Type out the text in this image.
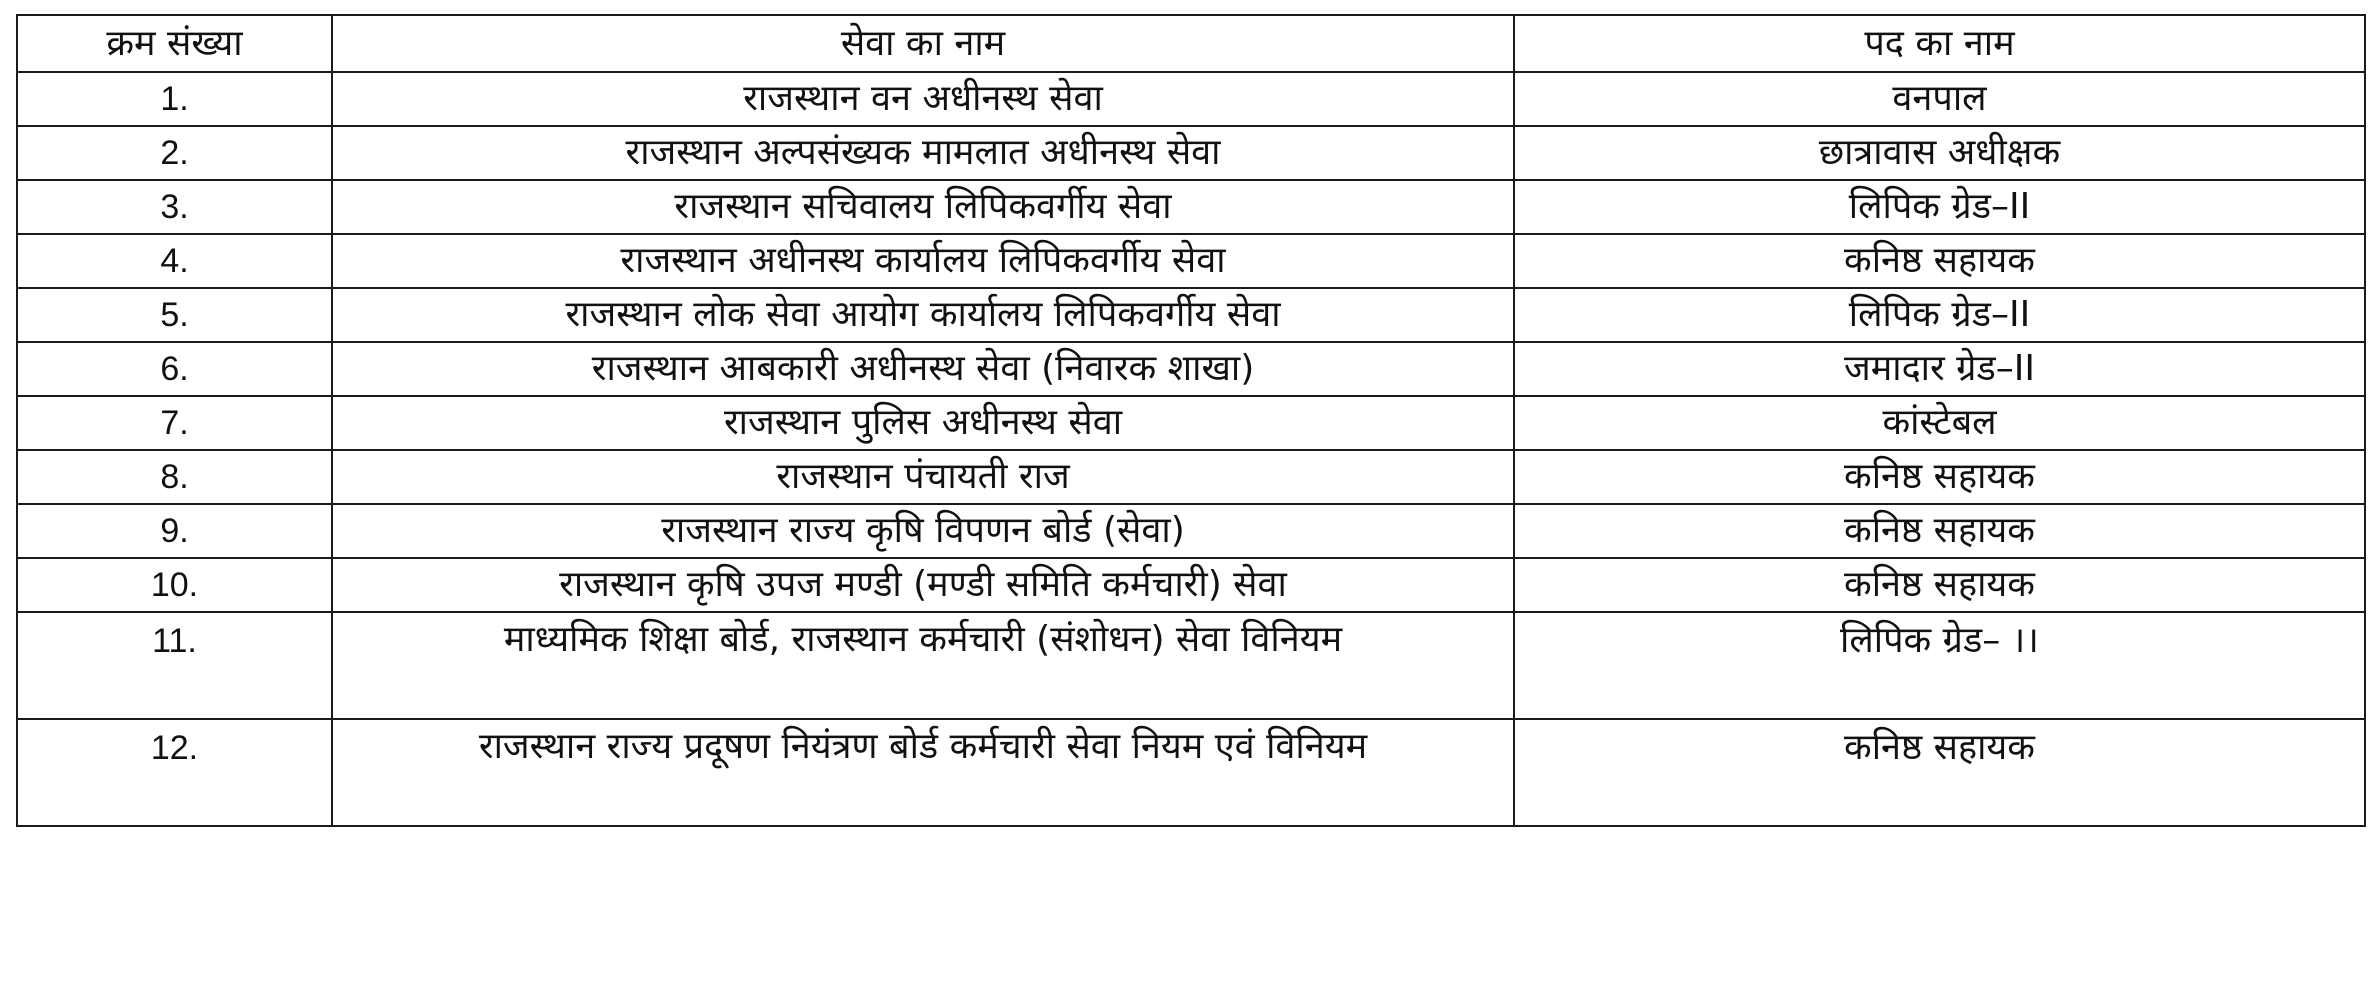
क्रम संख्या	सेवा का नाम	पद का नाम
1.	राजस्थान वन अधीनस्थ सेवा	वनपाल
2.	राजस्थान अल्पसंख्यक मामलात अधीनस्थ सेवा	छात्रावास अधीक्षक
3.	राजस्थान सचिवालय लिपिकवर्गीय सेवा	लिपिक ग्रेड–II
4.	राजस्थान अधीनस्थ कार्यालय लिपिकवर्गीय सेवा	कनिष्ठ सहायक
5.	राजस्थान लोक सेवा आयोग कार्यालय लिपिकवर्गीय सेवा	लिपिक ग्रेड–II
6.	राजस्थान आबकारी अधीनस्थ सेवा (निवारक शाखा)	जमादार ग्रेड–II
7.	राजस्थान पुलिस अधीनस्थ सेवा	कांस्टेबल
8.	राजस्थान पंचायती राज	कनिष्ठ सहायक
9.	राजस्थान राज्य कृषि विपणन बोर्ड (सेवा)	कनिष्ठ सहायक
10.	राजस्थान कृषि उपज मण्डी (मण्डी समिति कर्मचारी) सेवा	कनिष्ठ सहायक
11.	माध्यमिक शिक्षा बोर्ड, राजस्थान कर्मचारी (संशोधन) सेवा विनियम	लिपिक ग्रेड– ।।
12.	राजस्थान राज्य प्रदूषण नियंत्रण बोर्ड कर्मचारी सेवा नियम एवं विनियम	कनिष्ठ सहायक
